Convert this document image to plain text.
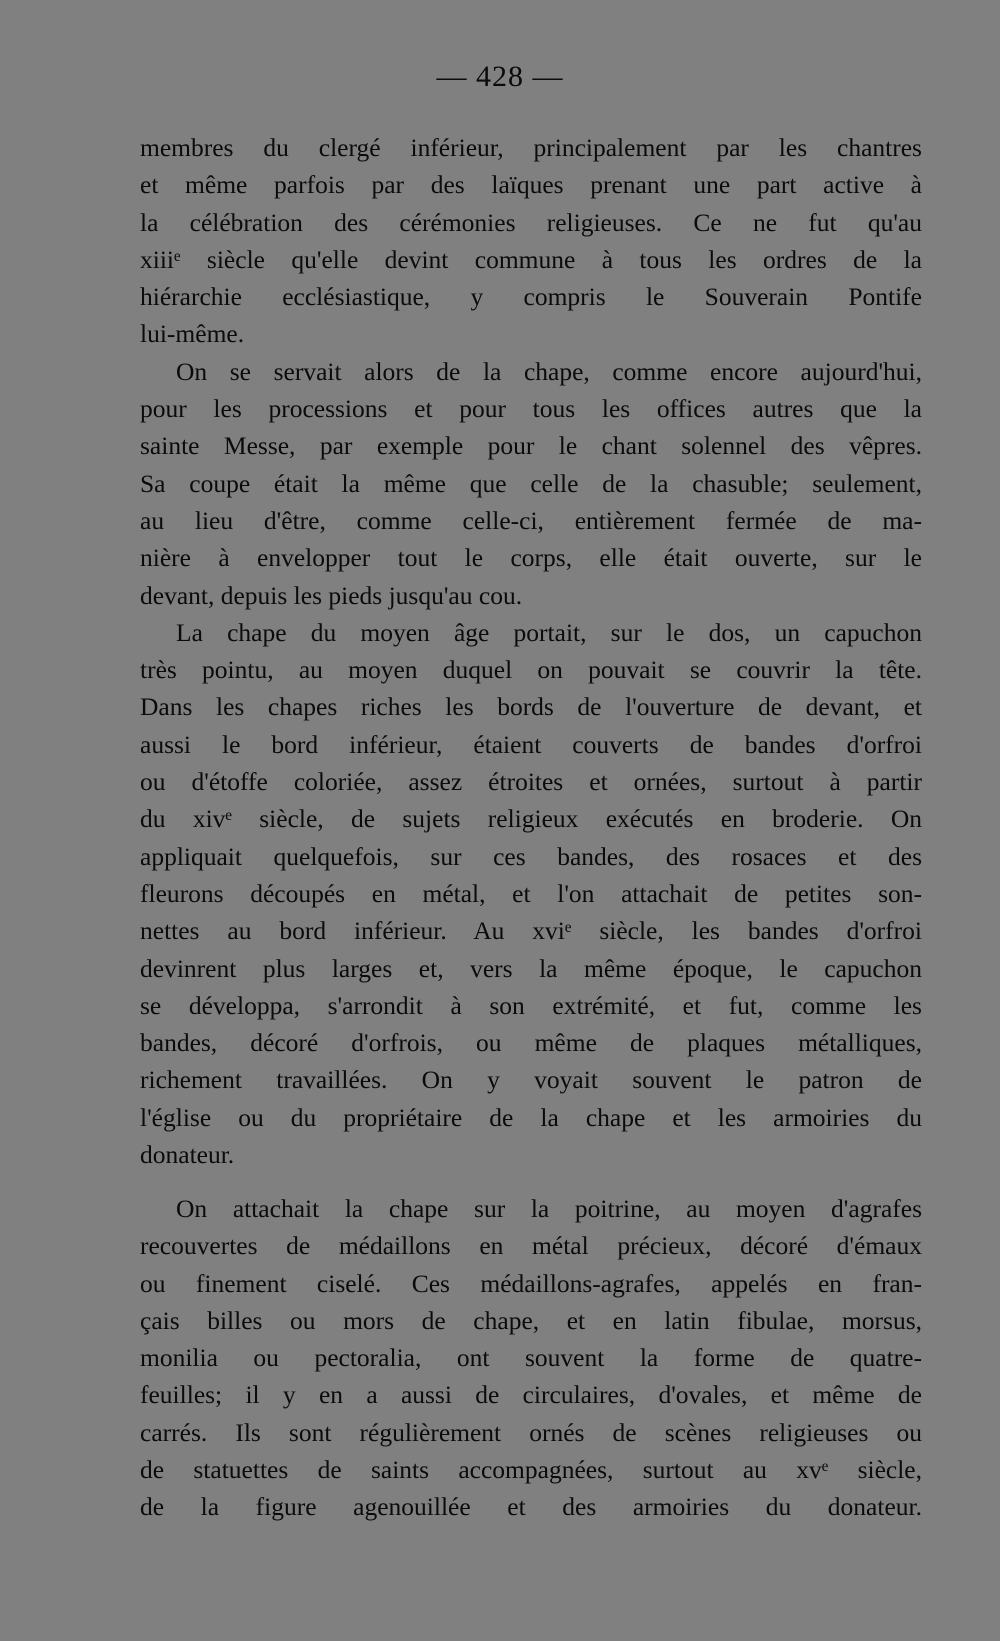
— 428 —
membres du clergé inférieur, principalement par les chantres
et même parfois par des laïques prenant une part active à
la célébration des cérémonies religieuses. Ce ne fut qu'au
xiiiᵉ siècle qu'elle devint commune à tous les ordres de la
hiérarchie ecclésiastique, y compris le Souverain Pontife
lui-même.
On se servait alors de la chape, comme encore aujourd'hui,
pour les processions et pour tous les offices autres que la
sainte Messe, par exemple pour le chant solennel des vêpres.
Sa coupe était la même que celle de la chasuble; seulement,
au lieu d'être, comme celle-ci, entièrement fermée de ma-
nière à envelopper tout le corps, elle était ouverte, sur le
devant, depuis les pieds jusqu'au cou.
La chape du moyen âge portait, sur le dos, un capuchon
très pointu, au moyen duquel on pouvait se couvrir la tête.
Dans les chapes riches les bords de l'ouverture de devant, et
aussi le bord inférieur, étaient couverts de bandes d'orfroi
ou d'étoffe coloriée, assez étroites et ornées, surtout à partir
du xivᵉ siècle, de sujets religieux exécutés en broderie. On
appliquait quelquefois, sur ces bandes, des rosaces et des
fleurons découpés en métal, et l'on attachait de petites son-
nettes au bord inférieur. Au xviᵉ siècle, les bandes d'orfroi
devinrent plus larges et, vers la même époque, le capuchon
se développa, s'arrondit à son extrémité, et fut, comme les
bandes, décoré d'orfrois, ou même de plaques métalliques,
richement travaillées. On y voyait souvent le patron de
l'église ou du propriétaire de la chape et les armoiries du
donateur.
On attachait la chape sur la poitrine, au moyen d'agrafes
recouvertes de médaillons en métal précieux, décoré d'émaux
ou finement ciselé. Ces médaillons-agrafes, appelés en fran-
çais billes ou mors de chape, et en latin fibulae, morsus,
monilia ou pectoralia, ont souvent la forme de quatre-
feuilles; il y en a aussi de circulaires, d'ovales, et même de
carrés. Ils sont régulièrement ornés de scènes religieuses ou
de statuettes de saints accompagnées, surtout au xvᵉ siècle,
de la figure agenouillée et des armoiries du donateur.
